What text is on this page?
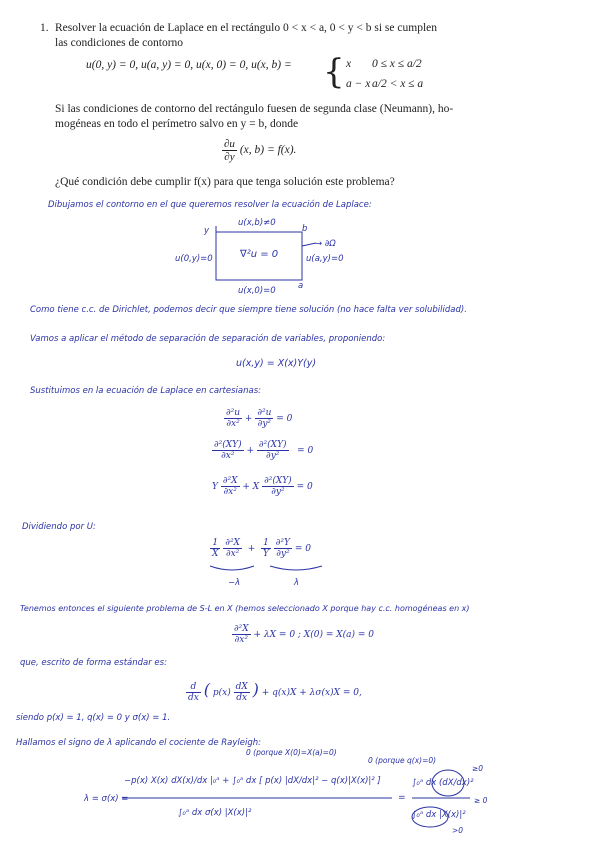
1. Resolver la ecuación de Laplace en el rectángulo 0 < x < a, 0 < y < b si se cumplen
las condiciones de contorno
u(0, y) = 0, u(a, y) = 0, u(x, 0) = 0, u(x, b) = { x 0 ≤ x ≤ a/2
a − x a/2 < x ≤ a
Si las condiciones de contorno del rectángulo fuesen de segunda clase (Neumann), ho-
mogéneas en todo el perímetro salvo en y = b, donde
$\frac{\partial u}{\partial y} (x$, b) = f(x).
¿Qué condición debe cumplir f(x) para que tenga solución este problema?
Dibujamos el contorno en el que queremos resolver la ecuación de Laplace:
u(x,b)≠0
b
y
u(0,y)=0	∇²u = 0
→ ∂Ω
u(a,y)=0
u(x,0)=0	a
Como tiene c.c. de Dirichlet, podemos decir que siempre tiene solución (no hace falta ver solubilidad).
Vamos a aplicar el método de separación de separación de variables, proponiendo:
u(x,y) = X(x)Y(y)
Sustituimos en la ecuación de Laplace en cartesianas:
$\frac{\text{∂²u}}{\text{∂x²}} + \frac{\text{∂²u}}{\text{∂y²}} = 0$
$\frac{\text{∂²(XY)}}{\text{∂x²}} + \frac{\text{∂²(XY)}}{\text{∂y²}} = 0$
Y $\frac{\text{∂²X}}{\text{∂x²}} + X \frac{\text{∂²(XY)}}{\text{∂y²}} = 0$
Dividiendo por U:
$\frac{1}{X}$
$\frac{\text{∂²X}}{\text{∂x²}} + \frac{1}{Y}$
$\frac{\text{∂²Y}}{\text{∂y²}} = 0$
−λ	λ
Tenemos entonces el siguiente problema de S-L en X (hemos seleccionado X porque hay c.c. homogéneas en x)
$\frac{\text{∂²X}}{\text{∂x²}} + \lambda X = 0$ ; X(0) = X(a) = 0
que, escrito de forma estándar es:
$\frac{d}{dx}$ ( $p(x) \frac{dX}{dx}$ ) + q(x)X + λσ(x)X = 0,
siendo p(x) = 1, q(x) = 0 y σ(x) = 1.
Hallamos el signo de λ aplicando el cociente de Rayleigh:
0 (porque X(0)=X(a)=0)
0 (porque q(x)=0)
λ = σ(x) =
−p(x) X(x) dX(x)/dx |₀ᵃ + ∫₀ᵃ dx [ p(x) |dX/dx|² − q(x)|X(x)|² ]
∫₀ᵃ dx σ(x) |X(x)|²
=
∫₀ᵃ dx (dX/dx)²
∫₀ᵃ dx |X(x)|²
≥0
≥ 0
>0
